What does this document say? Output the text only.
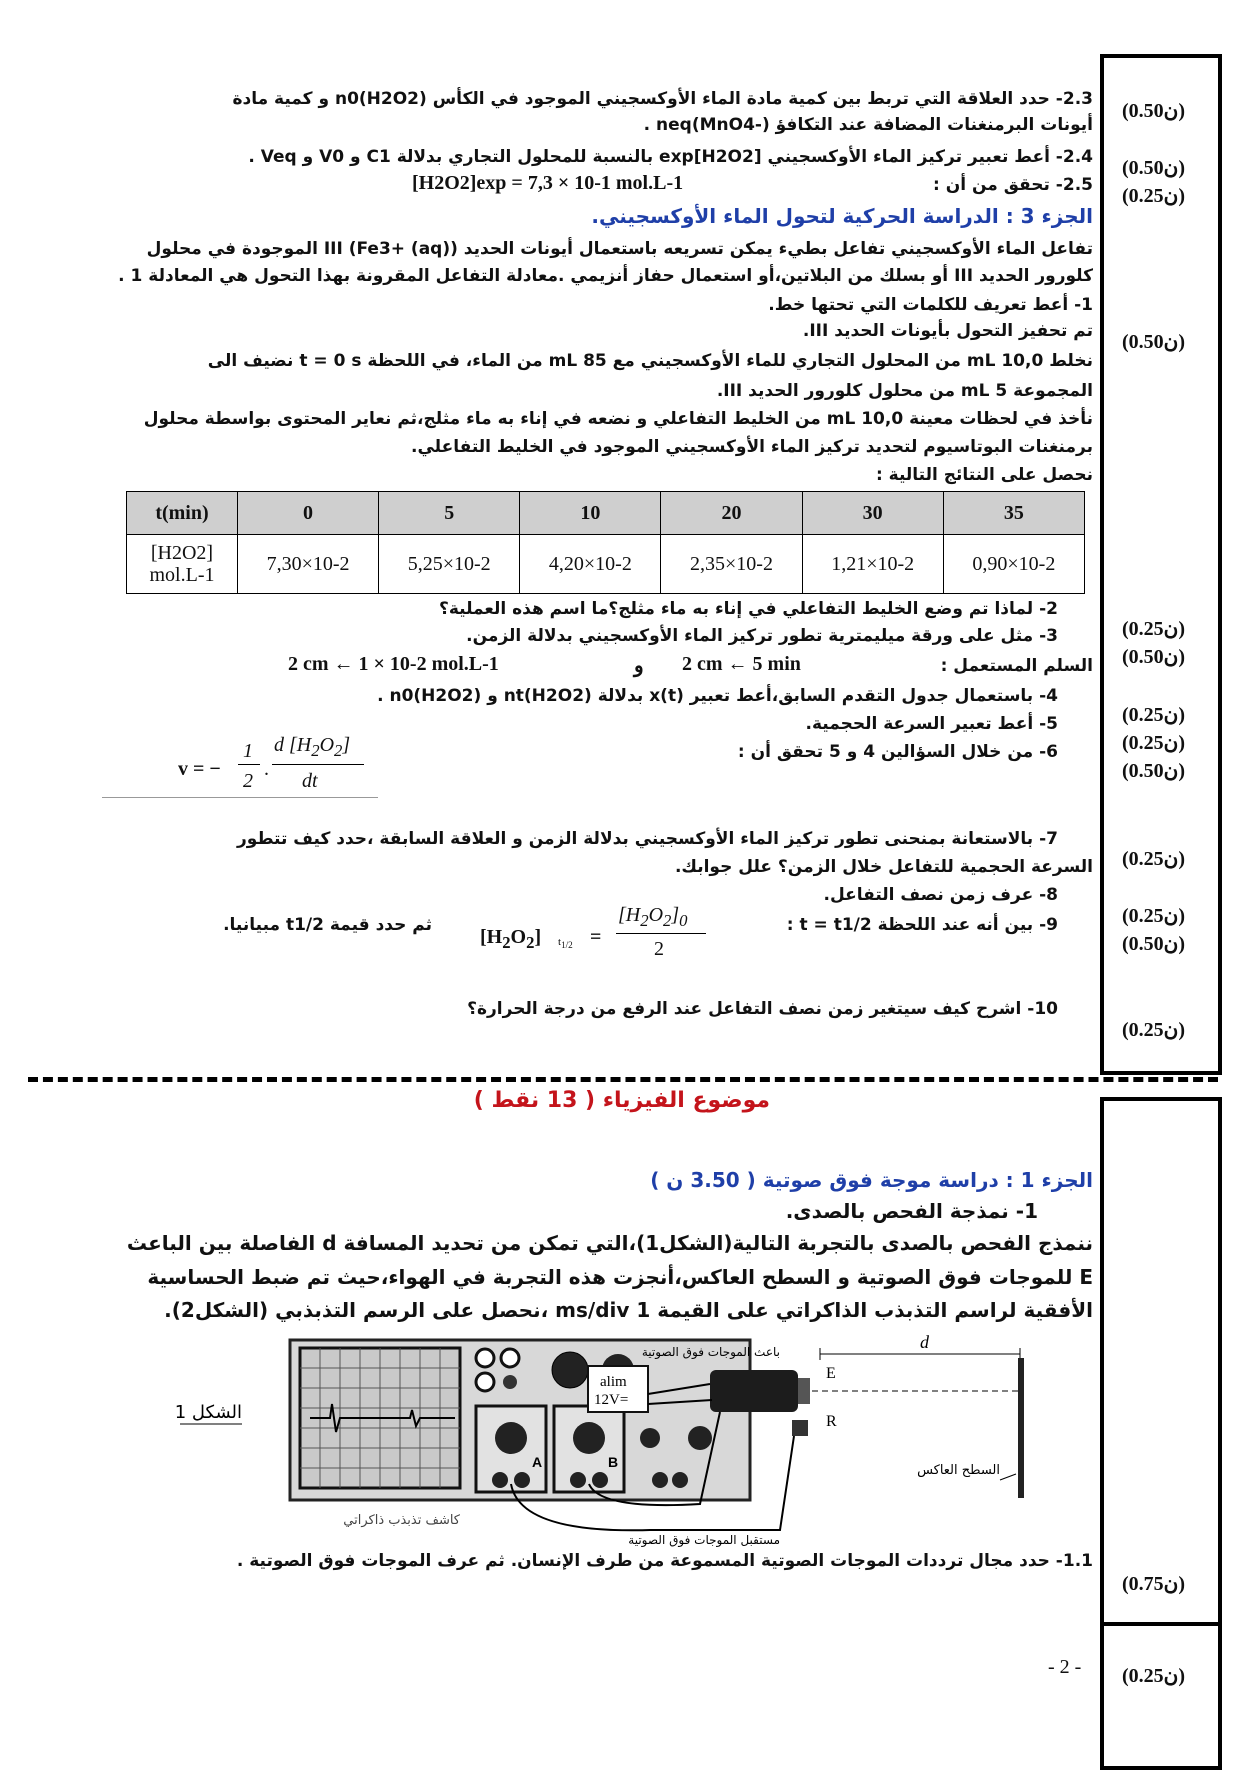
(0.50ن)
(0.50ن)
(0.25ن)
(0.50ن)
(0.25ن)
(0.50ن)
(0.25ن)
(0.25ن)
(0.50ن)
(0.25ن)
(0.25ن)
(0.50ن)
(0.25ن)
(0.75ن)
(0.25ن)
2.3- حدد العلاقة التي تربط بين كمية مادة الماء الأوكسجيني الموجود في الكأس n0(H2O2) و كمية مادة
أيونات البرمنغنات المضافة عند التكافؤ neq(MnO4-) .
2.4- أعط تعبير تركيز الماء الأوكسجيني [H2O2]exp بالنسبة للمحلول التجاري بدلالة C1 و V0 و Veq .
2.5- تحقق من أن :
[H2O2]exp = 7,3 × 10-1 mol.L-1
الجزء 3 : الدراسة الحركية لتحول الماء الأوكسجيني.
تفاعل الماء الأوكسجيني تفاعل بطيء يمكن تسريعه باستعمال أيونات الحديد III (Fe3+ (aq)) الموجودة في محلول
كلورور الحديد III أو بسلك من البلاتين،أو استعمال حفاز أنزيمي .معادلة التفاعل المقرونة بهذا التحول هي المعادلة 1 .
1- أعط تعريف للكلمات التي تحتها خط.
تم تحفيز التحول بأيونات الحديد III.
نخلط 10,0 mL من المحلول التجاري للماء الأوكسجيني مع 85 mL من الماء، في اللحظة t = 0 s نضيف الى
المجموعة 5 mL من محلول كلورور الحديد III.
نأخذ في لحظات معينة 10,0 mL من الخليط التفاعلي و نضعه في إناء به ماء مثلج،ثم نعاير المحتوى بواسطة محلول
برمنغنات البوتاسيوم لتحديد تركيز الماء الأوكسجيني الموجود في الخليط التفاعلي.
نحصل على النتائج التالية :
t(min)	0	5	10	20	30	35

[H2O2]
mol.L-1	7,30×10-2	5,25×10-2	4,20×10-2	2,35×10-2	1,21×10-2	0,90×10-2
2- لماذا تم وضع الخليط التفاعلي في إناء به ماء مثلج؟ما اسم هذه العملية؟
3- مثل على ورقة ميليمترية تطور تركيز الماء الأوكسجيني بدلالة الزمن.
السلم المستعمل :
2 cm ← 5 min
و
2 cm ← 1 × 10-2 mol.L-1
4- باستعمال جدول التقدم السابق،أعط تعبير x(t) بدلالة nt(H2O2) و n0(H2O2) .
5- أعط تعبير السرعة الحجمية.
6- من خلال السؤالين 4 و 5 تحقق أن :
v = −
1
2
.
d $[H_2O_2]$
dt
7- بالاستعانة بمنحنى تطور تركيز الماء الأوكسجيني بدلالة الزمن و العلاقة السابقة ،حدد كيف تتطور
السرعة الحجمية للتفاعل خلال الزمن؟ علل جوابك.
8- عرف زمن نصف التفاعل.
9- بين أنه عند اللحظة t = t1/2 :
ثم حدد قيمة t1/2 مبيانيا.
$[H_2O_2] t_{1/2}$ =
$[H_2O_2]_0$
2
10- اشرح كيف سيتغير زمن نصف التفاعل عند الرفع من درجة الحرارة؟
موضوع الفيزياء ( 13 نقط )
الجزء 1 : دراسة موجة فوق صوتية ( 3.50 ن )
1- نمذجة الفحص بالصدى.
ننمذج الفحص بالصدى بالتجربة التالية(الشكل1)،التي تمكن من تحديد المسافة d الفاصلة بين الباعث
E للموجات فوق الصوتية و السطح العاكس،أنجزت هذه التجربة في الهواء،حيث تم ضبط الحساسية
الأفقية لراسم التذبذب الذاكراتي على القيمة 1 ms/div ،نحصل على الرسم التذبذبي (الشكل2).
A	B
كاشف تذبذب ذاكراتي
الشكل 1
alim
12V=
باعث الموجات فوق الصوتية
E
R
مستقبل الموجات فوق الصوتية
d
السطح العاكس
1.1- حدد مجال ترددات الموجات الصوتية المسموعة من طرف الإنسان. ثم عرف الموجات فوق الصوتية .
- 2 -
